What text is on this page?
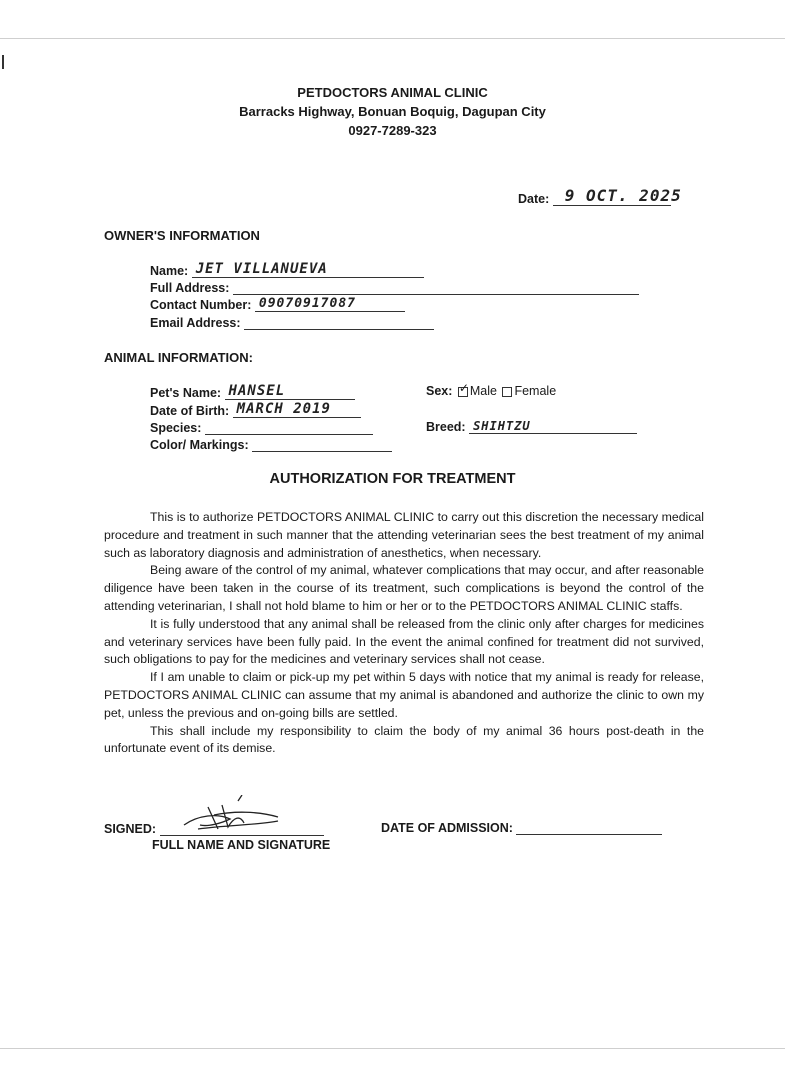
PETDOCTORS ANIMAL CLINIC
Barracks Highway, Bonuan Boquig, Dagupan City
0927-7289-323
Date: 9 OCT. 2025
OWNER'S INFORMATION
Name: JET VILLANUEVA
Full Address:
Contact Number: 09070917087
Email Address:
ANIMAL INFORMATION:
Pet's Name: HANSEL
Date of Birth: MARCH 2019
Species:
Color/ Markings:
Sex: ✓ Male Female
Breed: SHIHTZU
AUTHORIZATION FOR TREATMENT

This is to authorize PETDOCTORS ANIMAL CLINIC to carry out this discretion the necessary medical procedure and treatment in such manner that the attending veterinarian sees the best treatment of my animal such as laboratory diagnosis and administration of anesthetics, when necessary.

Being aware of the control of my animal, whatever complications that may occur, and after reasonable diligence have been taken in the course of its treatment, such complications is beyond the control of the attending veterinarian, I shall not hold blame to him or her or to the PETDOCTORS ANIMAL CLINIC staffs.

It is fully understood that any animal shall be released from the clinic only after charges for medicines and veterinary services have been fully paid. In the event the animal confined for treatment did not survived, such obligations to pay for the medicines and veterinary services shall not cease.

If I am unable to claim or pick-up my pet within 5 days with notice that my animal is ready for release, PETDOCTORS ANIMAL CLINIC can assume that my animal is abandoned and authorize the clinic to own my pet, unless the previous and on-going bills are settled.

This shall include my responsibility to claim the body of my animal 36 hours post-death in the unfortunate event of its demise.

SIGNED:
FULL NAME AND SIGNATURE
DATE OF ADMISSION:
